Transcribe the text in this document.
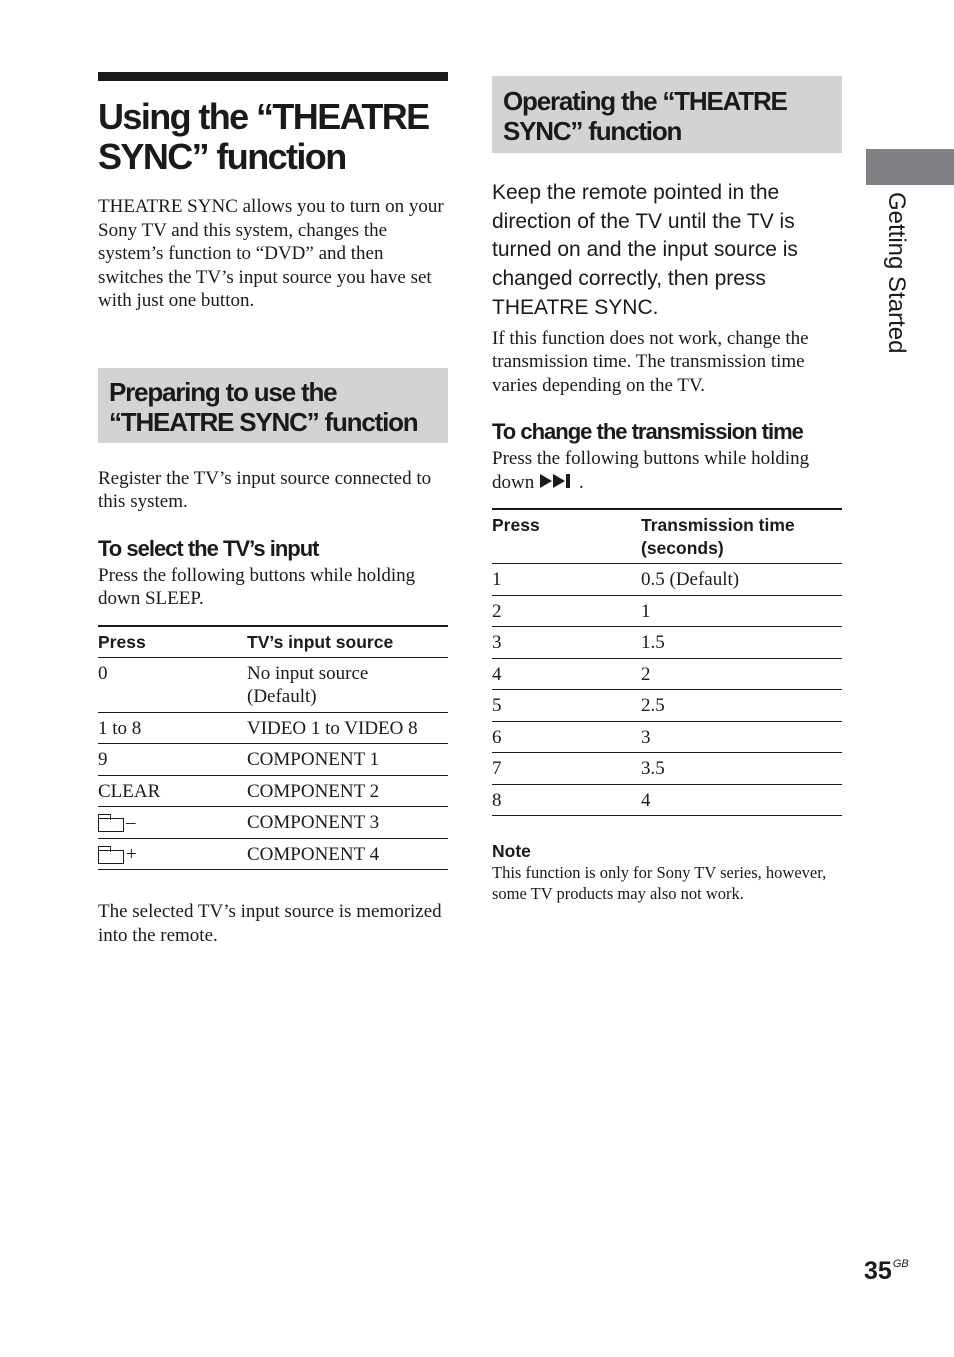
Using the “THEATRE SYNC” function

THEATRE SYNC allows you to turn on your Sony TV and this system, changes the system’s function to “DVD” and then switches the TV’s input source you have set with just one button.

Preparing to use the “THEATRE SYNC” function

Register the TV’s input source connected to this system.

To select the TV’s input

Press the following buttons while holding down SLEEP.

Press	TV’s input source
0	No input source (Default)
1 to 8	VIDEO 1 to VIDEO 8
9	COMPONENT 1
CLEAR	COMPONENT 2
–	COMPONENT 3
+	COMPONENT 4

The selected TV’s input source is memorized into the remote.

Operating the “THEATRE SYNC” function

Keep the remote pointed in the direction of the TV until the TV is turned on and the input source is changed correctly, then press THEATRE SYNC.

If this function does not work, change the transmission time. The transmission time varies depending on the TV.

To change the transmission time

Press the following buttons while holding down .

Press	Transmission time (seconds)
1	0.5 (Default)
2	1
3	1.5
4	2
5	2.5
6	3
7	3.5
8	4
Note

This function is only for Sony TV series, however, some TV products may also not work.

Getting Started
$35^{GB}$
